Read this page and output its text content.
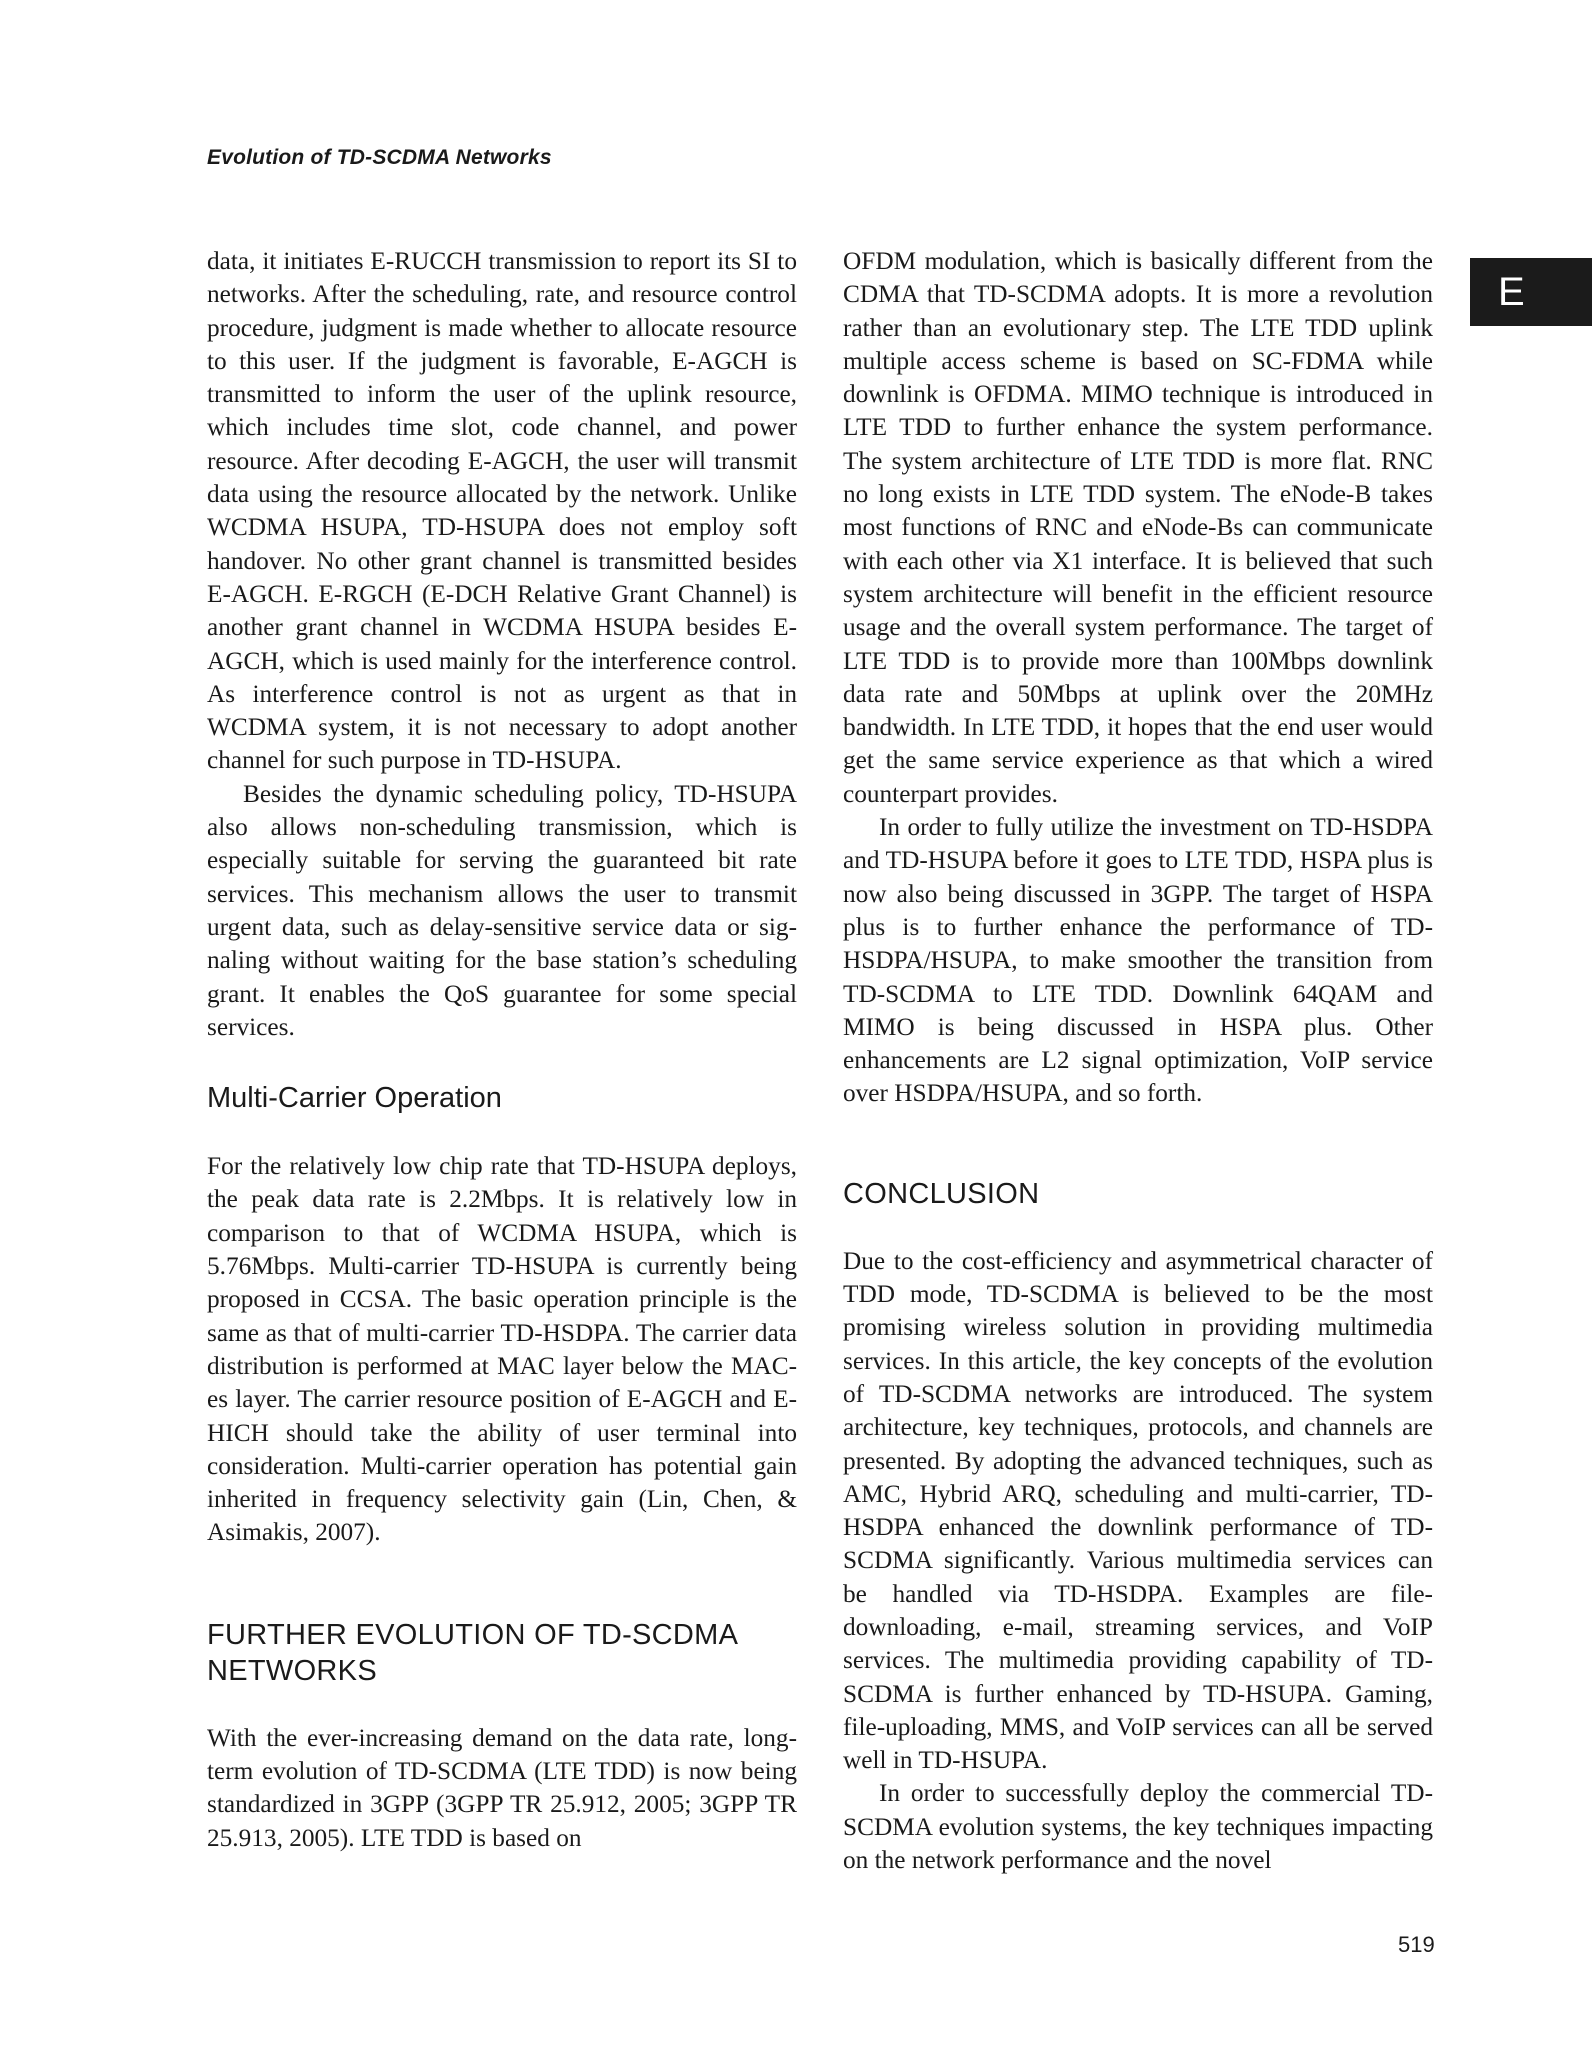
Evolution of TD-SCDMA Networks
E

data, it initiates E-RUCCH transmission to report its SI to networks. After the scheduling, rate, and resource control procedure, judgment is made whether to allocate resource to this user. If the judgment is favorable, E-AGCH is transmitted to inform the user of the uplink resource, which includes time slot, code channel, and power resource. After decoding E-AGCH, the user will transmit data using the resource allocated by the network. Unlike WCDMA HSUPA, TD-HSUPA does not employ soft handover. No other grant channel is transmitted besides E-AGCH. E-RGCH (E-DCH Relative Grant Channel) is another grant channel in WCDMA HSUPA besides E-AGCH, which is used mainly for the interference control. As interference control is not as urgent as that in WCDMA system, it is not necessary to adopt another channel for such purpose in TD-HSUPA.

Besides the dynamic scheduling policy, TD-HSUPA also allows non-scheduling transmission, which is especially suitable for serving the guaranteed bit rate services. This mechanism allows the user to transmit urgent data, such as delay-sensitive service data or signaling without waiting for the base station’s scheduling grant. It enables the QoS guarantee for some special services.

Multi-Carrier Operation

For the relatively low chip rate that TD-HSUPA deploys, the peak data rate is 2.2Mbps. It is relatively low in comparison to that of WCDMA HSUPA, which is 5.76Mbps. Multi-carrier TD-HSUPA is currently being proposed in CCSA. The basic operation principle is the same as that of multi-carrier TD-HSDPA. The carrier data distribution is performed at MAC layer below the MAC-es layer. The carrier resource position of E-AGCH and E-HICH should take the ability of user terminal into consideration. Multi-carrier operation has potential gain inherited in frequency selectivity gain (Lin, Chen, & Asimakis, 2007).

FURTHER EVOLUTION OF TD-SCDMA NETWORKS

With the ever-increasing demand on the data rate, long-term evolution of TD-SCDMA (LTE TDD) is now being standardized in 3GPP (3GPP TR 25.912, 2005; 3GPP TR 25.913, 2005). LTE TDD is based on

OFDM modulation, which is basically different from the CDMA that TD-SCDMA adopts. It is more a revolution rather than an evolutionary step. The LTE TDD uplink multiple access scheme is based on SC-FDMA while downlink is OFDMA. MIMO technique is introduced in LTE TDD to further enhance the system performance. The system architecture of LTE TDD is more flat. RNC no long exists in LTE TDD system. The eNode-B takes most functions of RNC and eNode-Bs can communicate with each other via X1 interface. It is believed that such system architecture will benefit in the efficient resource usage and the overall system performance. The target of LTE TDD is to provide more than 100Mbps downlink data rate and 50Mbps at uplink over the 20MHz bandwidth. In LTE TDD, it hopes that the end user would get the same service experience as that which a wired counterpart provides.

In order to fully utilize the investment on TD-HSDPA and TD-HSUPA before it goes to LTE TDD, HSPA plus is now also being discussed in 3GPP. The target of HSPA plus is to further enhance the performance of TD-HSDPA/HSUPA, to make smoother the transition from TD-SCDMA to LTE TDD. Downlink 64QAM and MIMO is being discussed in HSPA plus. Other enhancements are L2 signal optimization, VoIP service over HSDPA/HSUPA, and so forth.

CONCLUSION

Due to the cost-efficiency and asymmetrical character of TDD mode, TD-SCDMA is believed to be the most promising wireless solution in providing multimedia services. In this article, the key concepts of the evolution of TD-SCDMA networks are introduced. The system architecture, key techniques, protocols, and channels are presented. By adopting the advanced techniques, such as AMC, Hybrid ARQ, scheduling and multi-carrier, TD-HSDPA enhanced the downlink performance of TD-SCDMA significantly. Various multimedia services can be handled via TD-HSDPA. Examples are file-downloading, e-mail, streaming services, and VoIP services. The multimedia providing capability of TD-SCDMA is further enhanced by TD-HSUPA. Gaming, file-uploading, MMS, and VoIP services can all be served well in TD-HSUPA.

In order to successfully deploy the commercial TD-SCDMA evolution systems, the key techniques impacting on the network performance and the novel

519
